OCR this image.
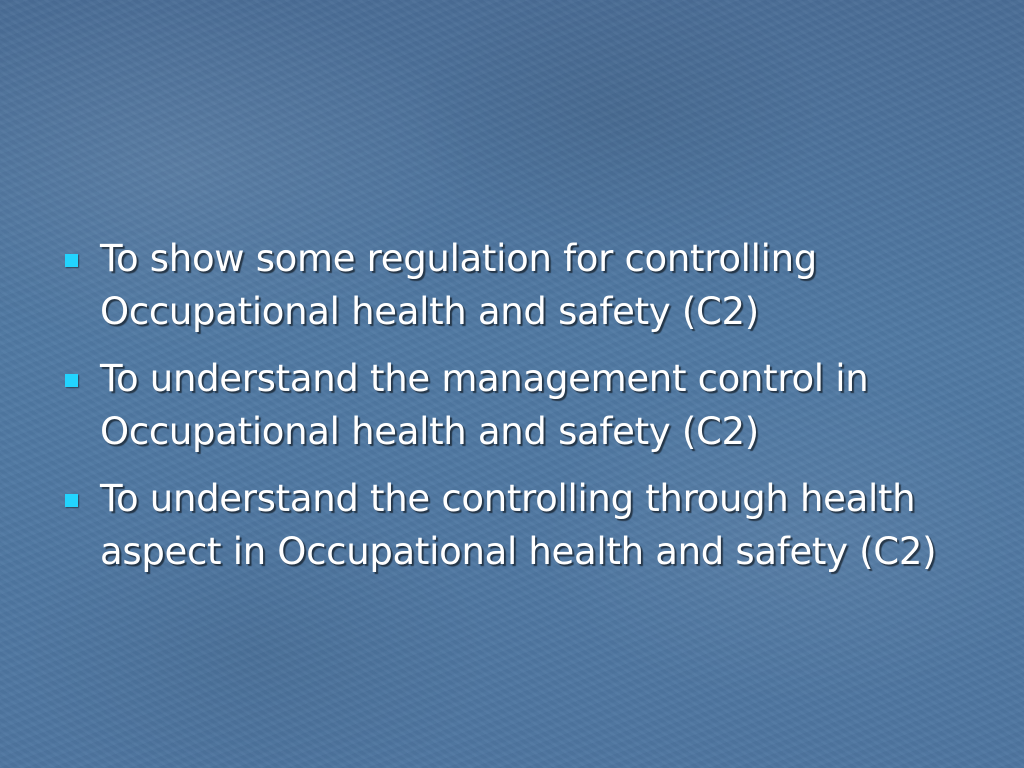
To show some regulation for controlling Occupational health and safety (C2)
To understand the management control in Occupational health and safety (C2)
To understand the controlling through health aspect in Occupational health and safety (C2)
